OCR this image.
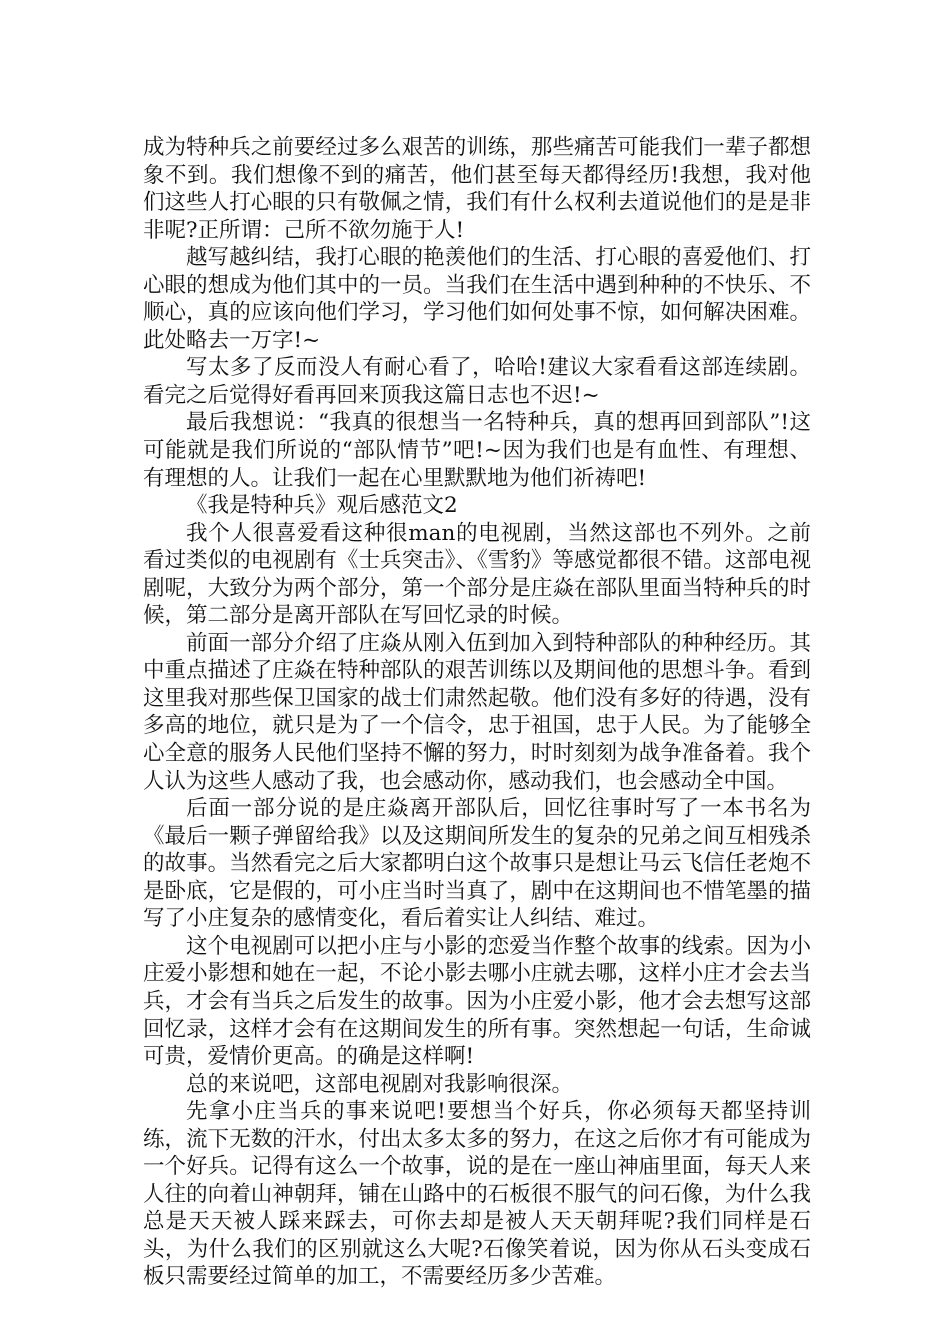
成为特种兵之前要经过多么艰苦的训练，那些痛苦可能我们一辈子都想象不到。我们想像不到的痛苦，他们甚至每天都得经历!我想，我对他们这些人打心眼的只有敬佩之情，我们有什么权利去道说他们的是是非非呢?正所谓：己所不欲勿施于人!

越写越纠结，我打心眼的艳羡他们的生活、打心眼的喜爱他们、打心眼的想成为他们其中的一员。当我们在生活中遇到种种的不快乐、不顺心，真的应该向他们学习，学习他们如何处事不惊，如何解决困难。此处略去一万字!~

写太多了反而没人有耐心看了，哈哈!建议大家看看这部连续剧。看完之后觉得好看再回来顶我这篇日志也不迟!~

最后我想说：“我真的很想当一名特种兵，真的想再回到部队”!这可能就是我们所说的“部队情节”吧!~因为我们也是有血性、有理想、有理想的人。让我们一起在心里默默地为他们祈祷吧!

《我是特种兵》观后感范文2

我个人很喜爱看这种很man的电视剧，当然这部也不列外。之前看过类似的电视剧有《士兵突击》、《雪豹》等感觉都很不错。这部电视剧呢，大致分为两个部分，第一个部分是庄焱在部队里面当特种兵的时候，第二部分是离开部队在写回忆录的时候。

前面一部分介绍了庄焱从刚入伍到加入到特种部队的种种经历。其中重点描述了庄焱在特种部队的艰苦训练以及期间他的思想斗争。看到这里我对那些保卫国家的战士们肃然起敬。他们没有多好的待遇，没有多高的地位，就只是为了一个信令，忠于祖国，忠于人民。为了能够全心全意的服务人民他们坚持不懈的努力，时时刻刻为战争准备着。我个人认为这些人感动了我，也会感动你，感动我们，也会感动全中国。

后面一部分说的是庄焱离开部队后，回忆往事时写了一本书名为《最后一颗子弹留给我》以及这期间所发生的复杂的兄弟之间互相残杀的故事。当然看完之后大家都明白这个故事只是想让马云飞信任老炮不是卧底，它是假的，可小庄当时当真了，剧中在这期间也不惜笔墨的描写了小庄复杂的感情变化，看后着实让人纠结、难过。

这个电视剧可以把小庄与小影的恋爱当作整个故事的线索。因为小庄爱小影想和她在一起，不论小影去哪小庄就去哪，这样小庄才会去当兵，才会有当兵之后发生的故事。因为小庄爱小影，他才会去想写这部回忆录，这样才会有在这期间发生的所有事。突然想起一句话，生命诚可贵，爱情价更高。的确是这样啊!

总的来说吧，这部电视剧对我影响很深。

先拿小庄当兵的事来说吧!要想当个好兵，你必须每天都坚持训练，流下无数的汗水，付出太多太多的努力，在这之后你才有可能成为一个好兵。记得有这么一个故事，说的是在一座山神庙里面，每天人来人往的向着山神朝拜，铺在山路中的石板很不服气的问石像，为什么我总是天天被人踩来踩去，可你去却是被人天天朝拜呢?我们同样是石头，为什么我们的区别就这么大呢?石像笑着说，因为你从石头变成石板只需要经过简单的加工，不需要经历多少苦难。
